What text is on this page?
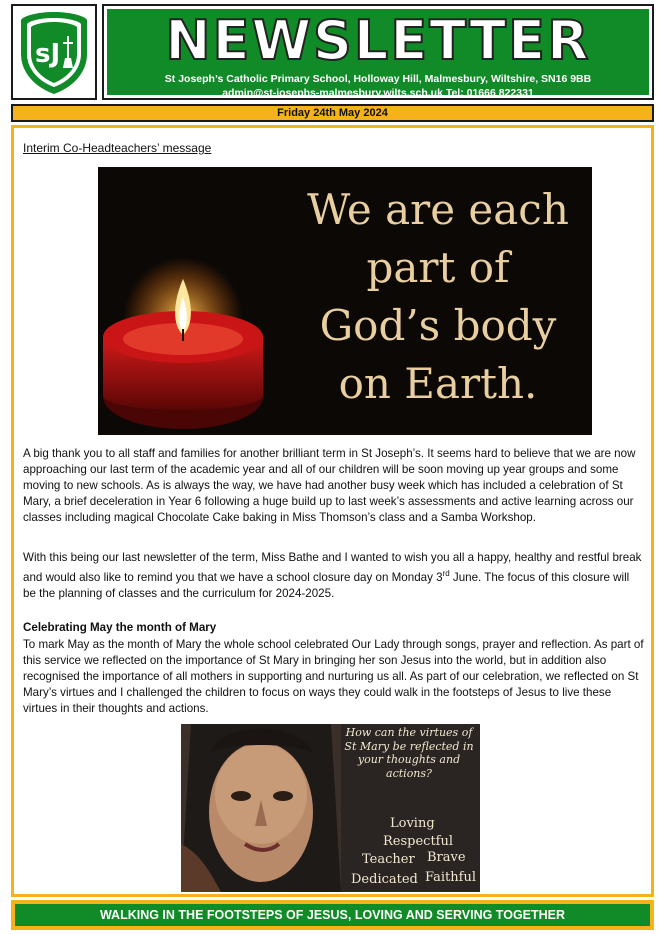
sJ	NEWSLETTER
St Joseph’s Catholic Primary School, Holloway Hill, Malmesbury, Wiltshire, SN16 9BB
admin@st-josephs-malmesbury.wilts.sch.uk Tel: 01666 822331
Friday 24th May 2024
Interim Co-Headteachers’ message
We are each
part of
God’s body
on Earth.

A big thank you to all staff and families for another brilliant term in St Joseph’s. It seems hard to believe that we are now approaching our last term of the academic year and all of our children will be soon moving up year groups and some moving to new schools. As is always the way, we have had another busy week which has included a celebration of St Mary, a brief deceleration in Year 6 following a huge build up to last week’s assessments and active learning across our classes including magical Chocolate Cake baking in Miss Thomson’s class and a Samba Workshop.

With this being our last newsletter of the term, Miss Bathe and I wanted to wish you all a happy, healthy and restful break and would also like to remind you that we have a school closure day on Monday 3rd June. The focus of this closure will be the planning of classes and the curriculum for 2024-2025.

Celebrating May the month of Mary

To mark May as the month of Mary the whole school celebrated Our Lady through songs, prayer and reflection. As part of this service we reflected on the importance of St Mary in bringing her son Jesus into the world, but in addition also recognised the importance of all mothers in supporting and nurturing us all. As part of our celebration, we reflected on St Mary’s virtues and I challenged the children to focus on ways they could walk in the footsteps of Jesus to live these virtues in their thoughts and actions.

How can the virtues of St Mary be reflected in your thoughts and actions?
Loving
Respectful
Teacher Brave
Dedicated Faithful
WALKING IN THE FOOTSTEPS OF JESUS, LOVING AND SERVING TOGETHER
